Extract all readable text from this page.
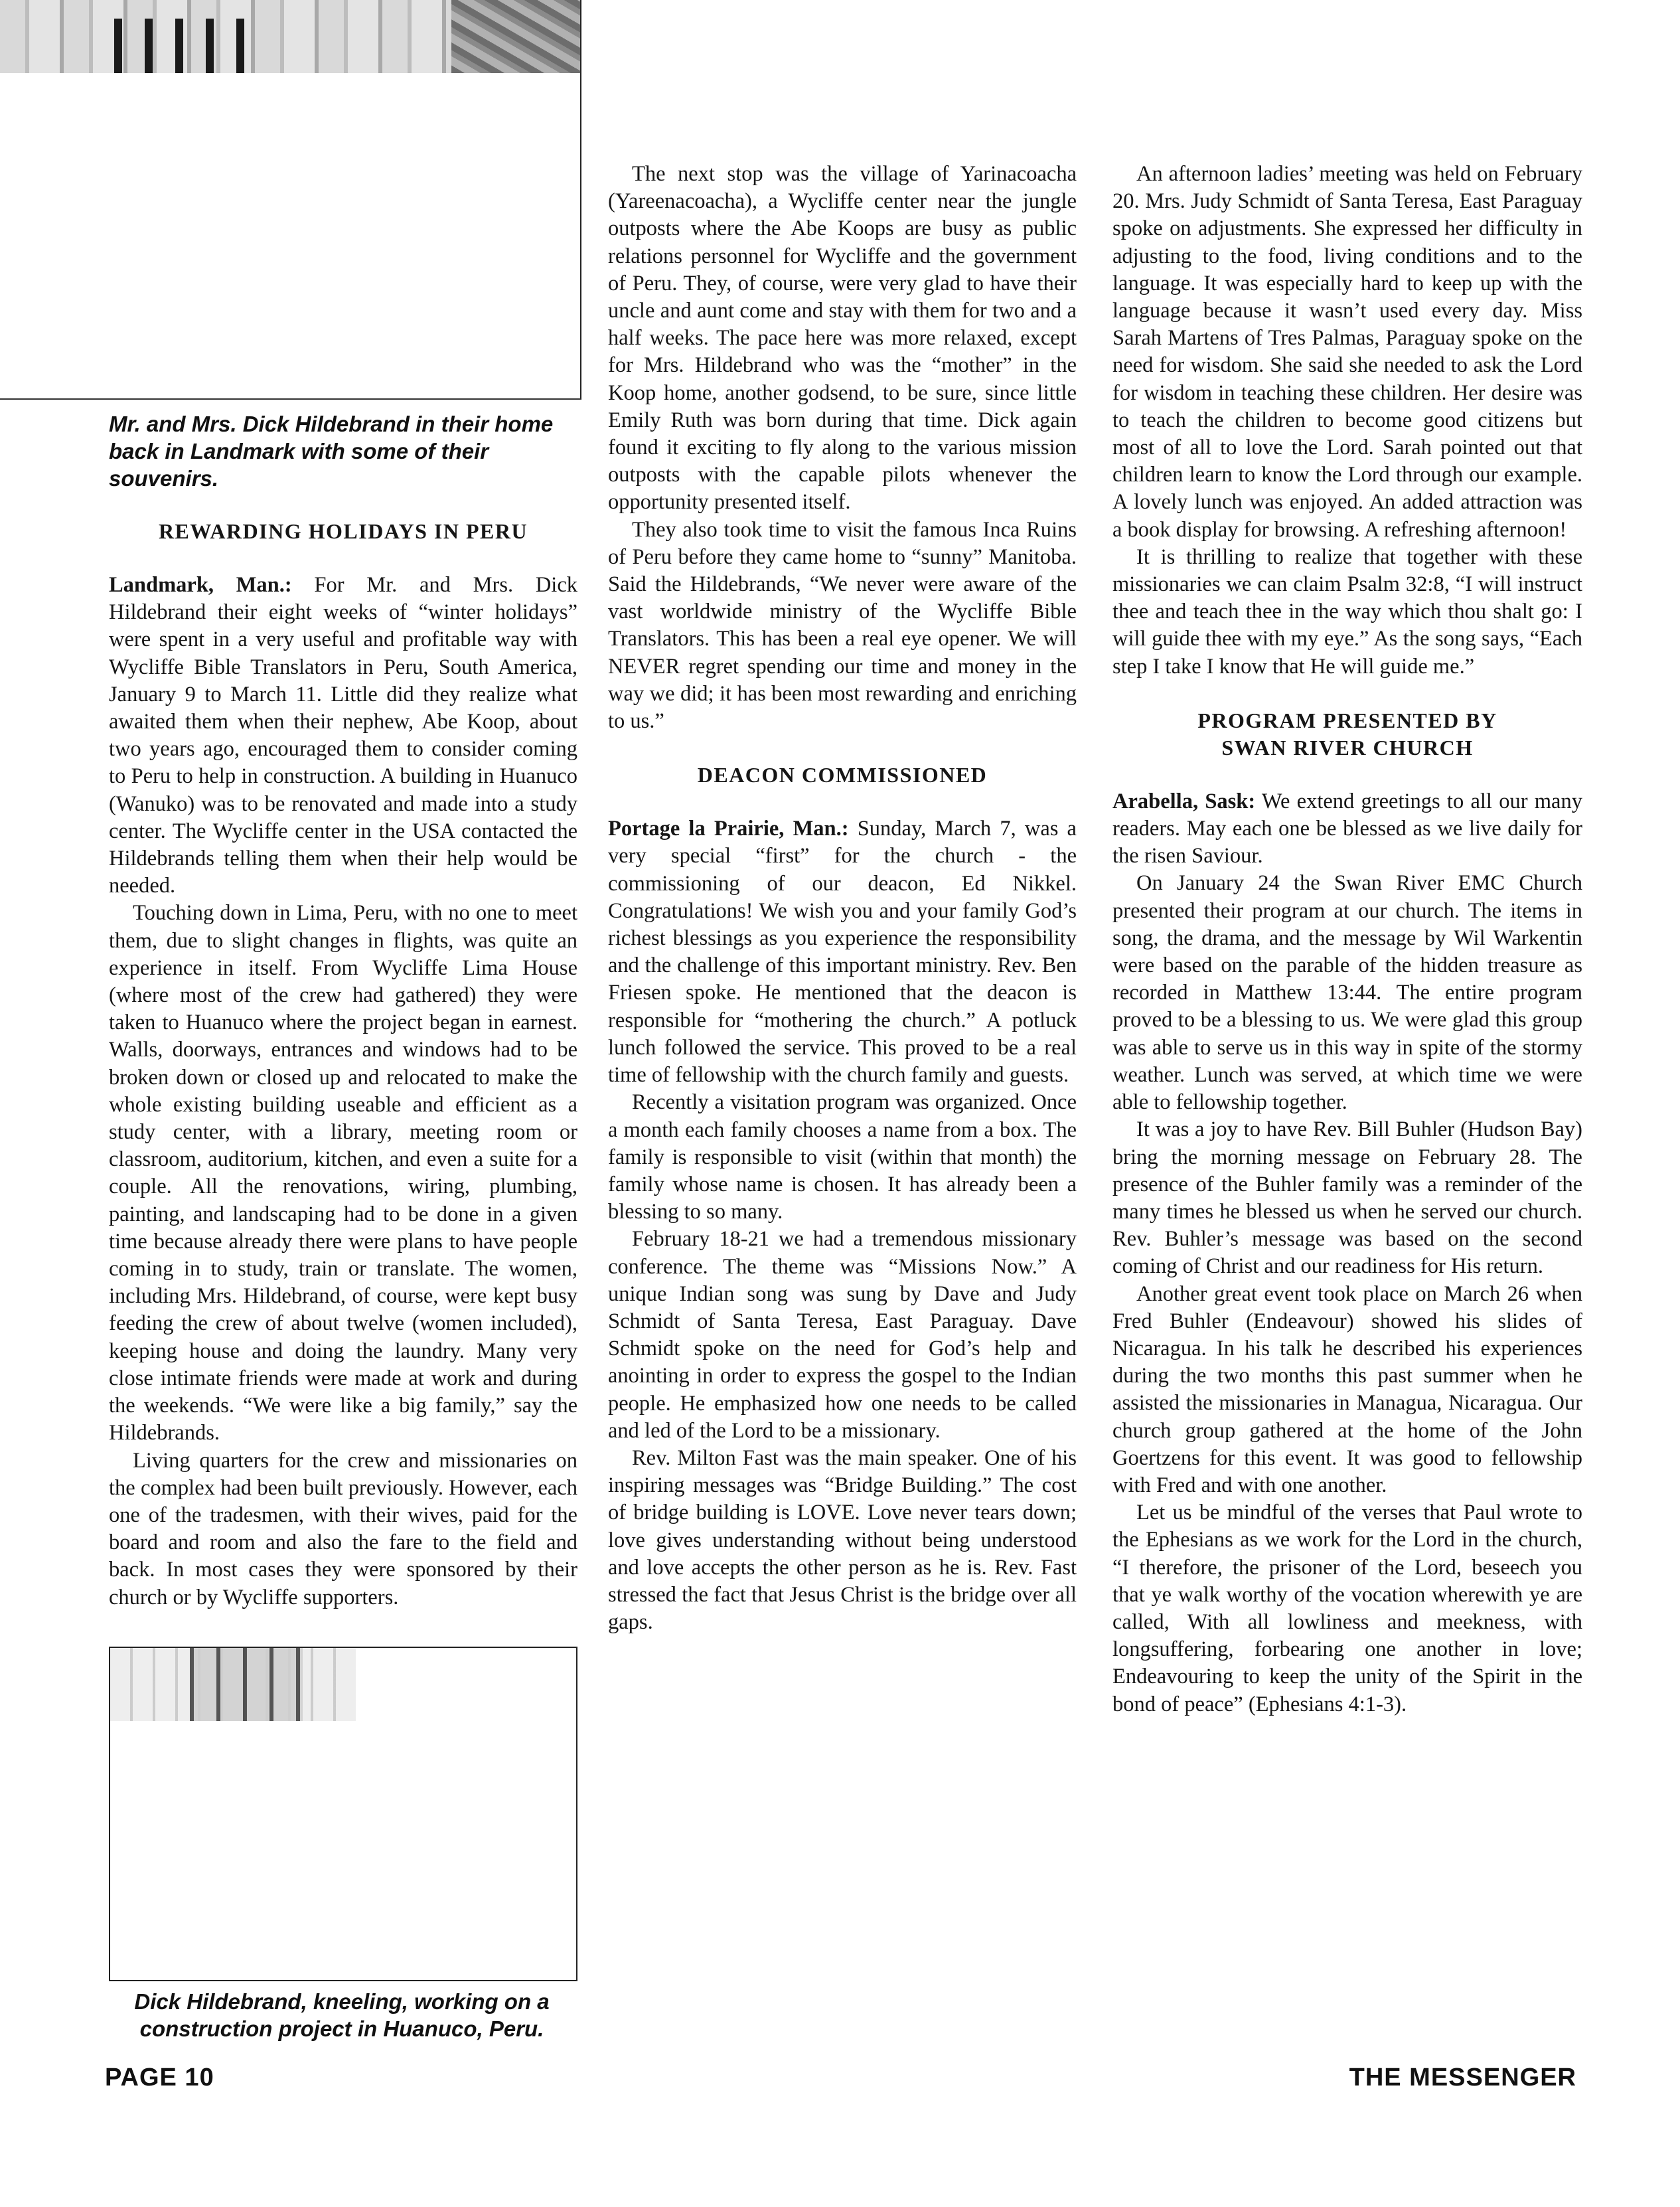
Mr. and Mrs. Dick Hildebrand in their home back in Landmark with some of their souvenirs.
REWARDING HOLIDAYS IN PERU

Landmark, Man.: For Mr. and Mrs. Dick Hildebrand their eight weeks of “winter holidays” were spent in a very useful and profitable way with Wycliffe Bible Translators in Peru, South America, January 9 to March 11. Little did they realize what awaited them when their nephew, Abe Koop, about two years ago, encouraged them to consider coming to Peru to help in construction. A building in Huanuco (Wanuko) was to be renovated and made into a study center. The Wycliffe center in the USA contacted the Hildebrands telling them when their help would be needed.

Touching down in Lima, Peru, with no one to meet them, due to slight changes in flights, was quite an experience in itself. From Wycliffe Lima House (where most of the crew had gathered) they were taken to Huanuco where the project began in earnest. Walls, doorways, entrances and windows had to be broken down or closed up and relocated to make the whole existing building useable and efficient as a study center, with a library, meeting room or classroom, auditorium, kitchen, and even a suite for a couple. All the renovations, wiring, plumbing, painting, and landscaping had to be done in a given time because already there were plans to have people coming in to study, train or translate. The women, including Mrs. Hildebrand, of course, were kept busy feeding the crew of about twelve (women included), keeping house and doing the laundry. Many very close intimate friends were made at work and during the weekends. “We were like a big family,” say the Hildebrands.

Living quarters for the crew and missionaries on the complex had been built previously. However, each one of the tradesmen, with their wives, paid for the board and room and also the fare to the field and back. In most cases they were sponsored by their church or by Wycliffe supporters.

Dick Hildebrand, kneeling, working on a construction project in Huanuco, Peru.

The next stop was the village of Yarinacoacha (Yareenacoacha), a Wycliffe center near the jungle outposts where the Abe Koops are busy as public relations personnel for Wycliffe and the government of Peru. They, of course, were very glad to have their uncle and aunt come and stay with them for two and a half weeks. The pace here was more relaxed, except for Mrs. Hildebrand who was the “mother” in the Koop home, another godsend, to be sure, since little Emily Ruth was born during that time. Dick again found it exciting to fly along to the various mission outposts with the capable pilots whenever the opportunity presented itself.

They also took time to visit the famous Inca Ruins of Peru before they came home to “sunny” Manitoba. Said the Hildebrands, “We never were aware of the vast worldwide ministry of the Wycliffe Bible Translators. This has been a real eye opener. We will NEVER regret spending our time and money in the way we did; it has been most rewarding and enriching to us.”

DEACON COMMISSIONED

Portage la Prairie, Man.: Sunday, March 7, was a very special “first” for the church - the commissioning of our deacon, Ed Nikkel. Congratulations! We wish you and your family God’s richest blessings as you experience the responsibility and the challenge of this important ministry. Rev. Ben Friesen spoke. He mentioned that the deacon is responsible for “mothering the church.” A potluck lunch followed the service. This proved to be a real time of fellowship with the church family and guests.

Recently a visitation program was organized. Once a month each family chooses a name from a box. The family is responsible to visit (within that month) the family whose name is chosen. It has already been a blessing to so many.

February 18-21 we had a tremendous missionary conference. The theme was “Missions Now.” A unique Indian song was sung by Dave and Judy Schmidt of Santa Teresa, East Paraguay. Dave Schmidt spoke on the need for God’s help and anointing in order to express the gospel to the Indian people. He emphasized how one needs to be called and led of the Lord to be a missionary.

Rev. Milton Fast was the main speaker. One of his inspiring messages was “Bridge Building.” The cost of bridge building is LOVE. Love never tears down; love gives understanding without being understood and love accepts the other person as he is. Rev. Fast stressed the fact that Jesus Christ is the bridge over all gaps.

An afternoon ladies’ meeting was held on February 20. Mrs. Judy Schmidt of Santa Teresa, East Paraguay spoke on adjustments. She expressed her difficulty in adjusting to the food, living conditions and to the language. It was especially hard to keep up with the language because it wasn’t used every day. Miss Sarah Martens of Tres Palmas, Paraguay spoke on the need for wisdom. She said she needed to ask the Lord for wisdom in teaching these children. Her desire was to teach the children to become good citizens but most of all to love the Lord. Sarah pointed out that children learn to know the Lord through our example. A lovely lunch was enjoyed. An added attraction was a book display for browsing. A refreshing afternoon!

It is thrilling to realize that together with these missionaries we can claim Psalm 32:8, “I will instruct thee and teach thee in the way which thou shalt go: I will guide thee with my eye.” As the song says, “Each step I take I know that He will guide me.”

PROGRAM PRESENTED BY
SWAN RIVER CHURCH

Arabella, Sask: We extend greetings to all our many readers. May each one be blessed as we live daily for the risen Saviour.

On January 24 the Swan River EMC Church presented their program at our church. The items in song, the drama, and the message by Wil Warkentin were based on the parable of the hidden treasure as recorded in Matthew 13:44. The entire program proved to be a blessing to us. We were glad this group was able to serve us in this way in spite of the stormy weather. Lunch was served, at which time we were able to fellowship together.

It was a joy to have Rev. Bill Buhler (Hudson Bay) bring the morning message on February 28. The presence of the Buhler family was a reminder of the many times he blessed us when he served our church. Rev. Buhler’s message was based on the second coming of Christ and our readiness for His return.

Another great event took place on March 26 when Fred Buhler (Endeavour) showed his slides of Nicaragua. In his talk he described his experiences during the two months this past summer when he assisted the missionaries in Managua, Nicaragua. Our church group gathered at the home of the John Goertzens for this event. It was good to fellowship with Fred and with one another.

Let us be mindful of the verses that Paul wrote to the Ephesians as we work for the Lord in the church, “I therefore, the prisoner of the Lord, beseech you that ye walk worthy of the vocation wherewith ye are called, With all lowliness and meekness, with longsuffering, forbearing one another in love; Endeavouring to keep the unity of the Spirit in the bond of peace” (Ephesians 4:1-3).

PAGE 10	THE MESSENGER
